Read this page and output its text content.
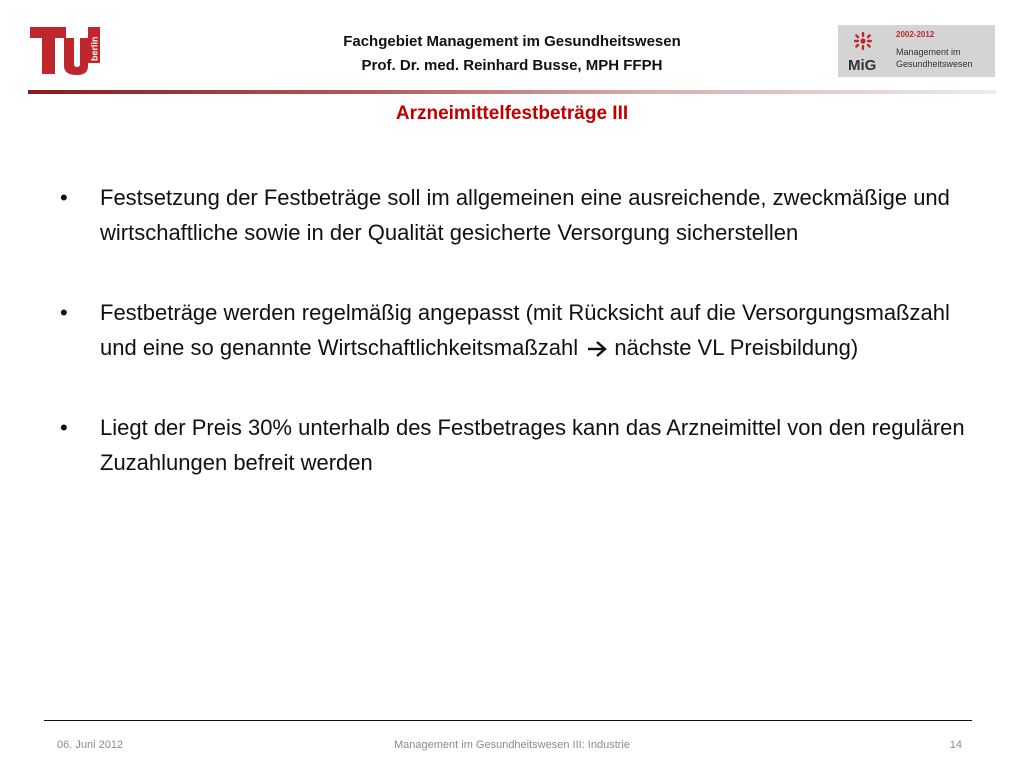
berlin	Fachgebiet Management im Gesundheitswesen
Prof. Dr. med. Reinhard Busse, MPH FFPH	MiG
2002-2012
Management im
Gesundheitswesen
Arzneimittelfestbeträge III
•	Festsetzung der Festbeträge soll im allgemeinen eine ausreichende, zweckmäßige und wirtschaftliche sowie in der Qualität gesicherte Versorgung sicherstellen
•	Festbeträge werden regelmäßig angepasst (mit Rücksicht auf die Versorgungsmaßzahl und eine so genannte Wirtschaftlichkeitsmaßzahl nächste VL Preisbildung)
•	Liegt der Preis 30% unterhalb des Festbetrages kann das Arzneimittel von den regulären Zuzahlungen befreit werden
06. Juni 2012	Management im Gesundheitswesen III: Industrie	14
